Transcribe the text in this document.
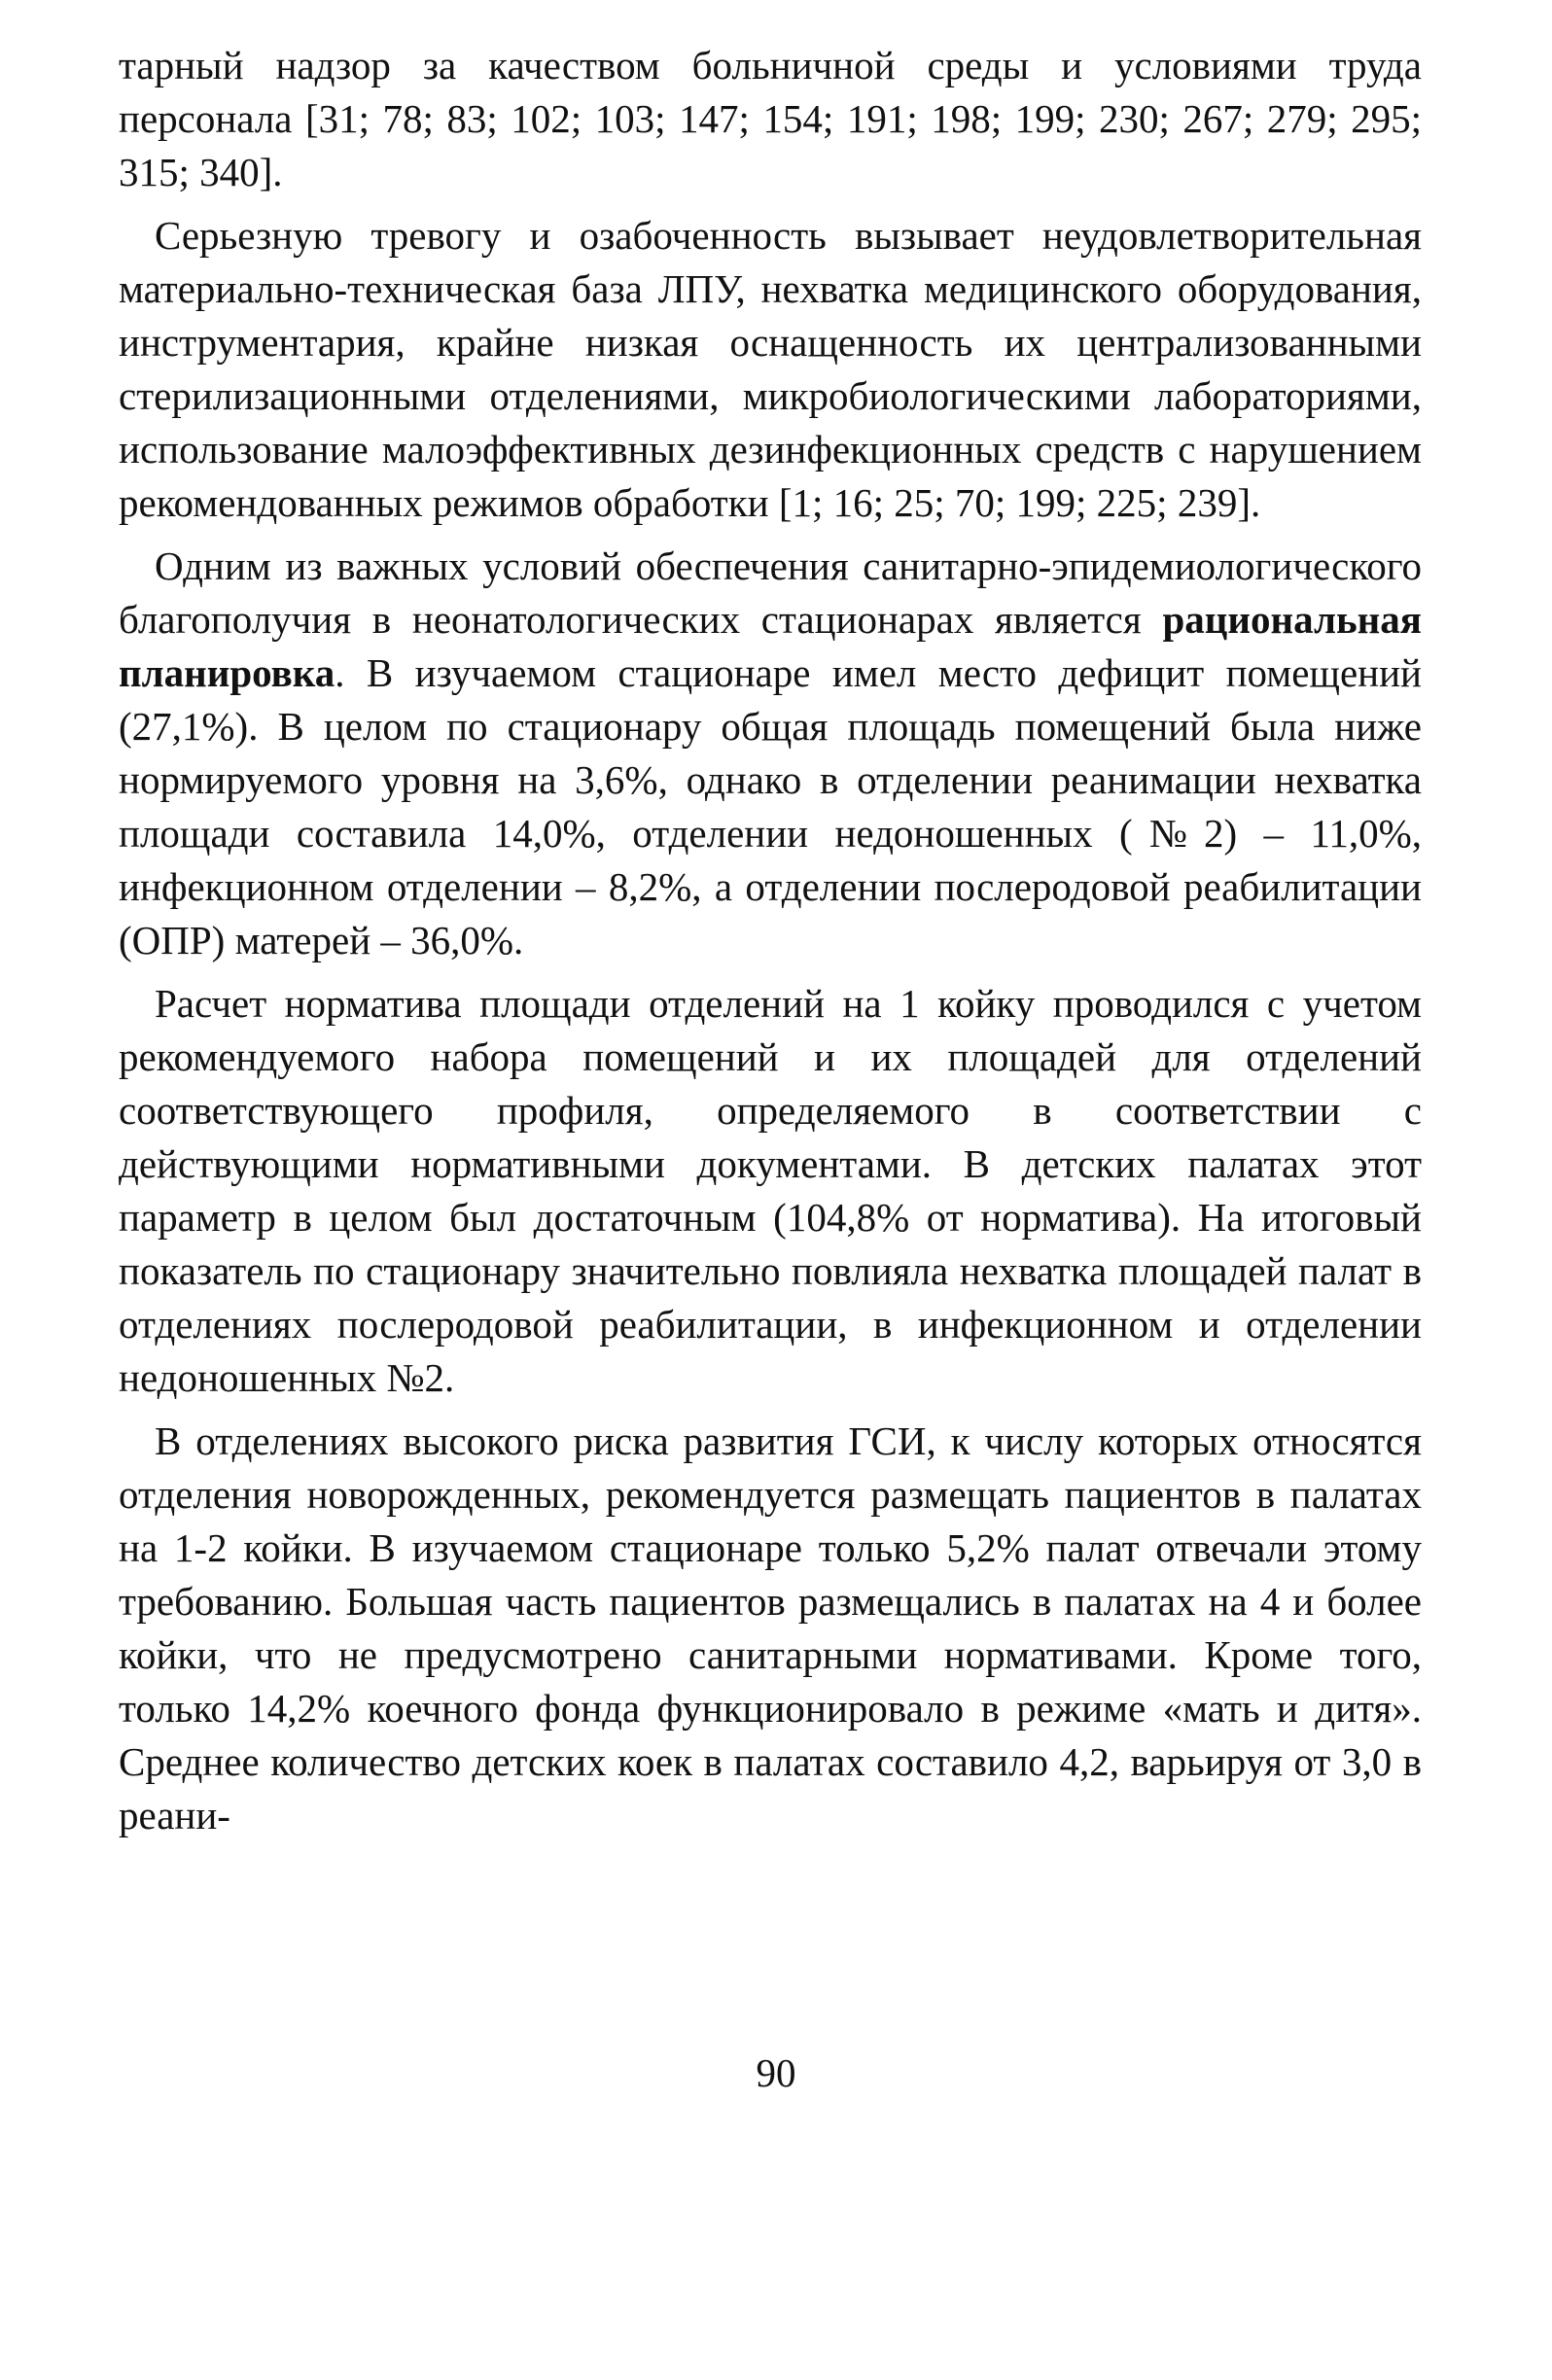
тарный надзор за качеством больничной среды и условиями труда персонала [31; 78; 83; 102; 103; 147; 154; 191; 198; 199; 230; 267; 279; 295; 315; 340].

Серьезную тревогу и озабоченность вызывает неудовлетворительная материально-техническая база ЛПУ, нехватка медицинского оборудования, инструментария, крайне низкая оснащенность их централизованными стерилизационными отделениями, микробиологическими лабораториями, использование малоэффективных дезинфекционных средств с нарушением рекомендованных режимов обработки [1; 16; 25; 70; 199; 225; 239].

Одним из важных условий обеспечения санитарно-эпидемиологического благополучия в неонатологических стационарах является рациональная планировка. В изучаемом стационаре имел место дефицит помещений (27,1%). В целом по стационару общая площадь помещений была ниже нормируемого уровня на 3,6%, однако в отделении реанимации нехватка площади составила 14,0%, отделении недоношенных (№2) – 11,0%, инфекционном отделении – 8,2%, а отделении послеродовой реабилитации (ОПР) матерей – 36,0%.

Расчет норматива площади отделений на 1 койку проводился с учетом рекомендуемого набора помещений и их площадей для отделений соответствующего профиля, определяемого в соответствии с действующими нормативными документами. В детских палатах этот параметр в целом был достаточным (104,8% от норматива). На итоговый показатель по стационару значительно повлияла нехватка площадей палат в отделениях послеродовой реабилитации, в инфекционном и отделении недоношенных №2.

В отделениях высокого риска развития ГСИ, к числу которых относятся отделения новорожденных, рекомендуется размещать пациентов в палатах на 1-2 койки. В изучаемом стационаре только 5,2% палат отвечали этому требованию. Большая часть пациентов размещались в палатах на 4 и более койки, что не предусмотрено санитарными нормативами. Кроме того, только 14,2% коечного фонда функционировало в режиме «мать и дитя». Среднее количество детских коек в палатах составило 4,2, варьируя от 3,0 в реани-

90
